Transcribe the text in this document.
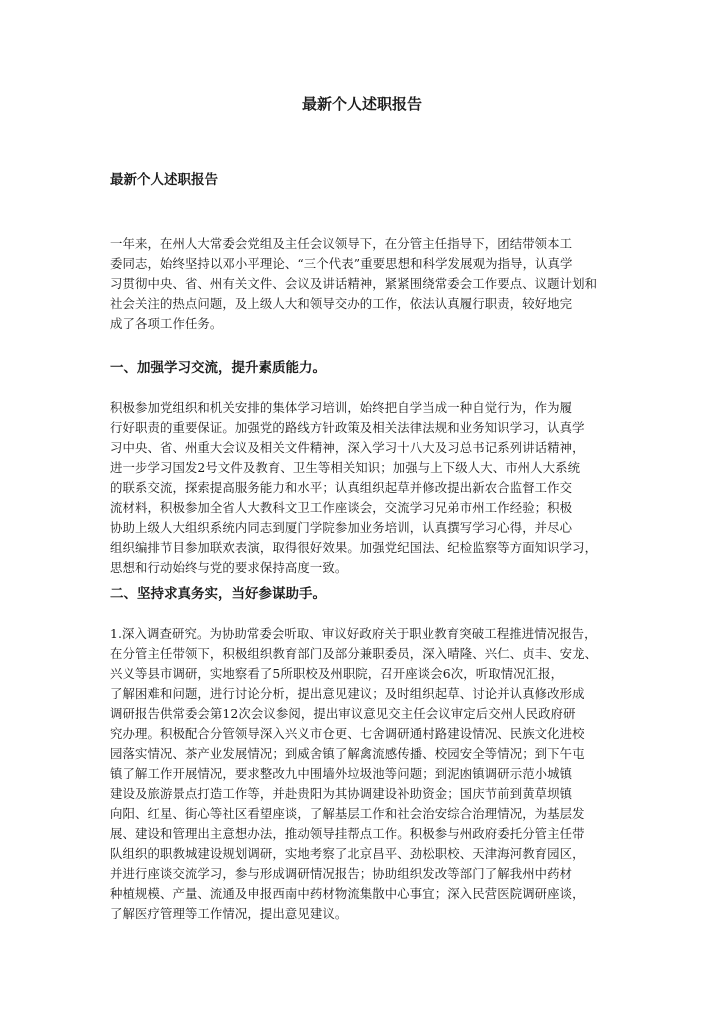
最新个人述职报告
最新个人述职报告
一年来，在州人大常委会党组及主任会议领导下，在分管主任指导下，团结带领本工
委同志，始终坚持以邓小平理论、“三个代表”重要思想和科学发展观为指导，认真学
习贯彻中央、省、州有关文件、会议及讲话精神，紧紧围绕常委会工作要点、议题计划和
社会关注的热点问题，及上级人大和领导交办的工作，依法认真履行职责，较好地完
成了各项工作任务。
一、加强学习交流，提升素质能力。
积极参加党组织和机关安排的集体学习培训，始终把自学当成一种自觉行为，作为履
行好职责的重要保证。加强党的路线方针政策及相关法律法规和业务知识学习，认真学
习中央、省、州重大会议及相关文件精神，深入学习十八大及习总书记系列讲话精神，
进一步学习国发2号文件及教育、卫生等相关知识；加强与上下级人大、市州人大系统
的联系交流，探索提高服务能力和水平；认真组织起草并修改提出新农合监督工作交
流材料，积极参加全省人大教科文卫工作座谈会，交流学习兄弟市州工作经验；积极
协助上级人大组织系统内同志到厦门学院参加业务培训，认真撰写学习心得，并尽心
组织编排节目参加联欢表演，取得很好效果。加强党纪国法、纪检监察等方面知识学习，
思想和行动始终与党的要求保持高度一致。
二、坚持求真务实，当好参谋助手。
1.深入调查研究。为协助常委会听取、审议好政府关于职业教育突破工程推进情况报告，
在分管主任带领下，积极组织教育部门及部分兼职委员，深入晴隆、兴仁、贞丰、安龙、
兴义等县市调研，实地察看了5所职校及州职院，召开座谈会6次，听取情况汇报，
了解困难和问题，进行讨论分析，提出意见建议；及时组织起草、讨论并认真修改形成
调研报告供常委会第12次会议参阅，提出审议意见交主任会议审定后交州人民政府研
究办理。积极配合分管领导深入兴义市仓更、七舍调研通村路建设情况、民族文化进校
园落实情况、茶产业发展情况；到威舍镇了解禽流感传播、校园安全等情况；到下午屯
镇了解工作开展情况，要求整改九中围墙外垃圾池等问题；到泥凼镇调研示范小城镇
建设及旅游景点打造工作等，并赴贵阳为其协调建设补助资金；国庆节前到黄草坝镇
向阳、红星、街心等社区看望座谈，了解基层工作和社会治安综合治理情况，为基层发
展、建设和管理出主意想办法，推动领导挂帮点工作。积极参与州政府委托分管主任带
队组织的职教城建设规划调研，实地考察了北京昌平、劲松职校、天津海河教育园区，
并进行座谈交流学习，参与形成调研情况报告；协助组织发改等部门了解我州中药材
种植规模、产量、流通及申报西南中药材物流集散中心事宜；深入民营医院调研座谈，
了解医疗管理等工作情况，提出意见建议。
